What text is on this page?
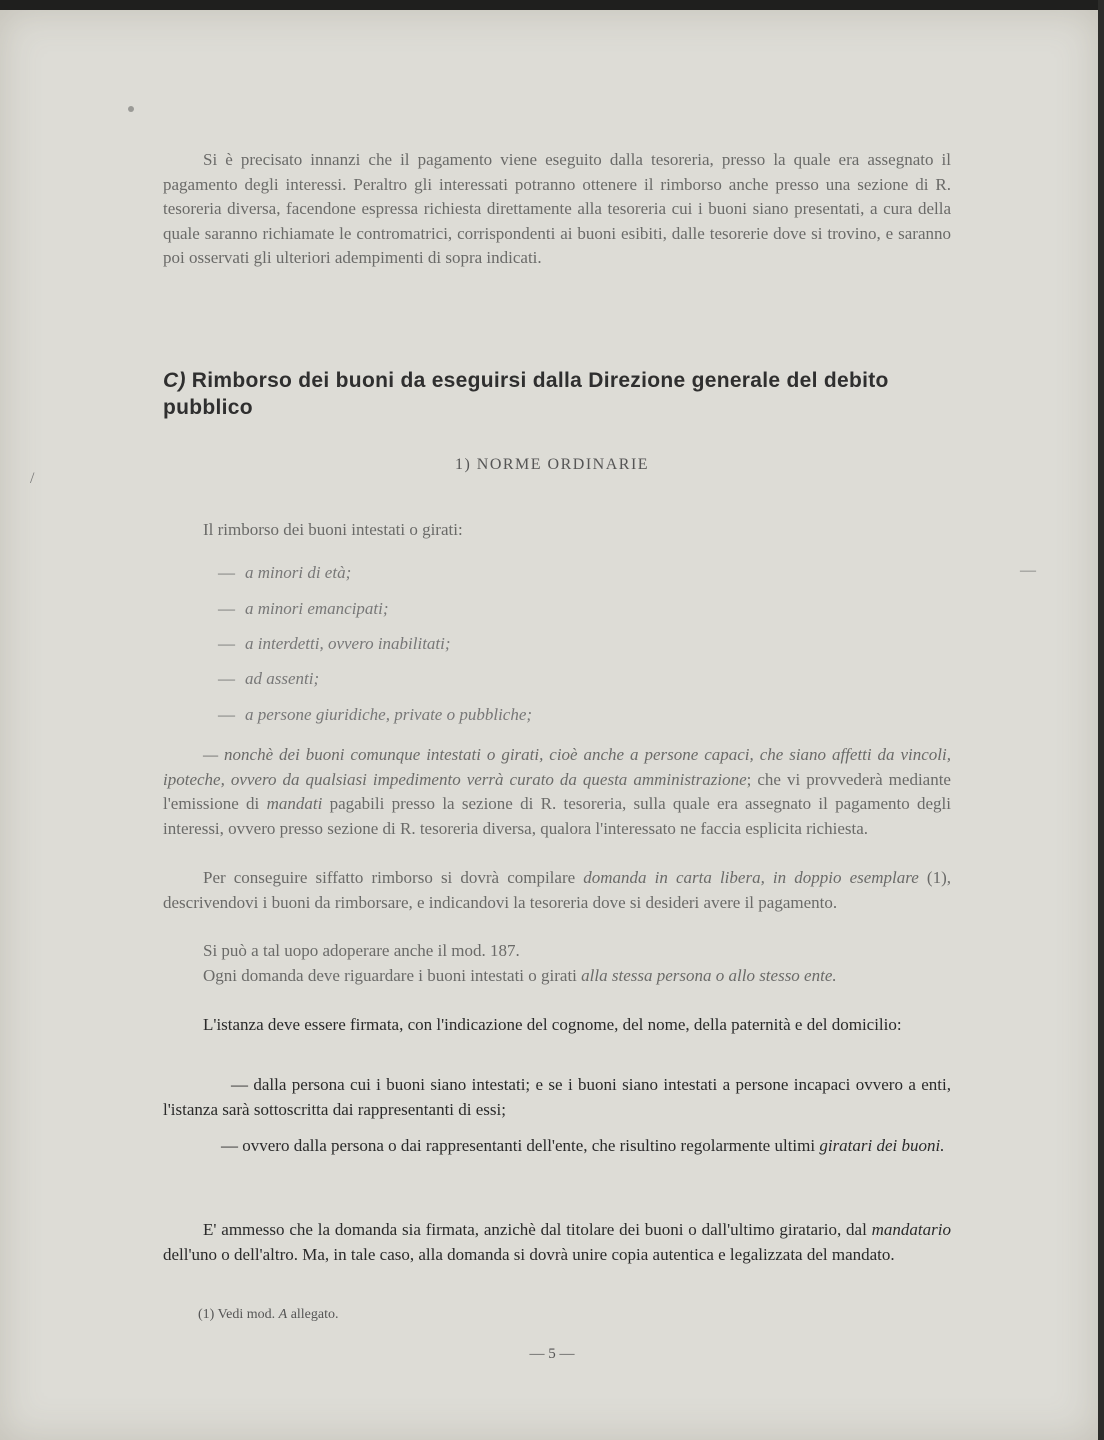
/
—

Si è precisato innanzi che il pagamento viene eseguito dalla tesoreria, presso la quale era assegnato il pagamento degli interessi. Peraltro gli interessati potranno ottenere il rimborso anche presso una sezione di R. tesoreria diversa, facendone espressa richiesta direttamente alla tesoreria cui i buoni siano presentati, a cura della quale saranno richiamate le contromatrici, corrispondenti ai buoni esibiti, dalle tesorerie dove si trovino, e saranno poi osservati gli ulteriori adempimenti di sopra indicati.

C) Rimborso dei buoni da eseguirsi dalla Direzione generale del debito pubblico
1) NORME ORDINARIE
Il rimborso dei buoni intestati o girati:
— a minori di età;
— a minori emancipati;
— a interdetti, ovvero inabilitati;
— ad assenti;
— a persone giuridiche, private o pubbliche;

— nonchè dei buoni comunque intestati o girati, cioè anche a persone capaci, che siano affetti da vincoli, ipoteche, ovvero da qualsiasi impedimento verrà curato da questa amministrazione; che vi provvederà mediante l'emissione di mandati pagabili presso la sezione di R. tesoreria, sulla quale era assegnato il pagamento degli interessi, ovvero presso sezione di R. tesoreria diversa, qualora l'interessato ne faccia esplicita richiesta.

Per conseguire siffatto rimborso si dovrà compilare domanda in carta libera, in doppio esemplare (1), descrivendovi i buoni da rimborsare, e indicandovi la tesoreria dove si desideri avere il pagamento.

Si può a tal uopo adoperare anche il mod. 187.

Ogni domanda deve riguardare i buoni intestati o girati alla stessa persona o allo stesso ente.

L'istanza deve essere firmata, con l'indicazione del cognome, del nome, della paternità e del domicilio:

— dalla persona cui i buoni siano intestati; e se i buoni siano intestati a persone incapaci ovvero a enti, l'istanza sarà sottoscritta dai rappresentanti di essi;

— ovvero dalla persona o dai rappresentanti dell'ente, che risultino regolarmente ultimi giratari dei buoni.

E' ammesso che la domanda sia firmata, anzichè dal titolare dei buoni o dall'ultimo giratario, dal mandatario dell'uno o dell'altro. Ma, in tale caso, alla domanda si dovrà unire copia autentica e legalizzata del mandato.

(1) Vedi mod. A allegato.
— 5 —
